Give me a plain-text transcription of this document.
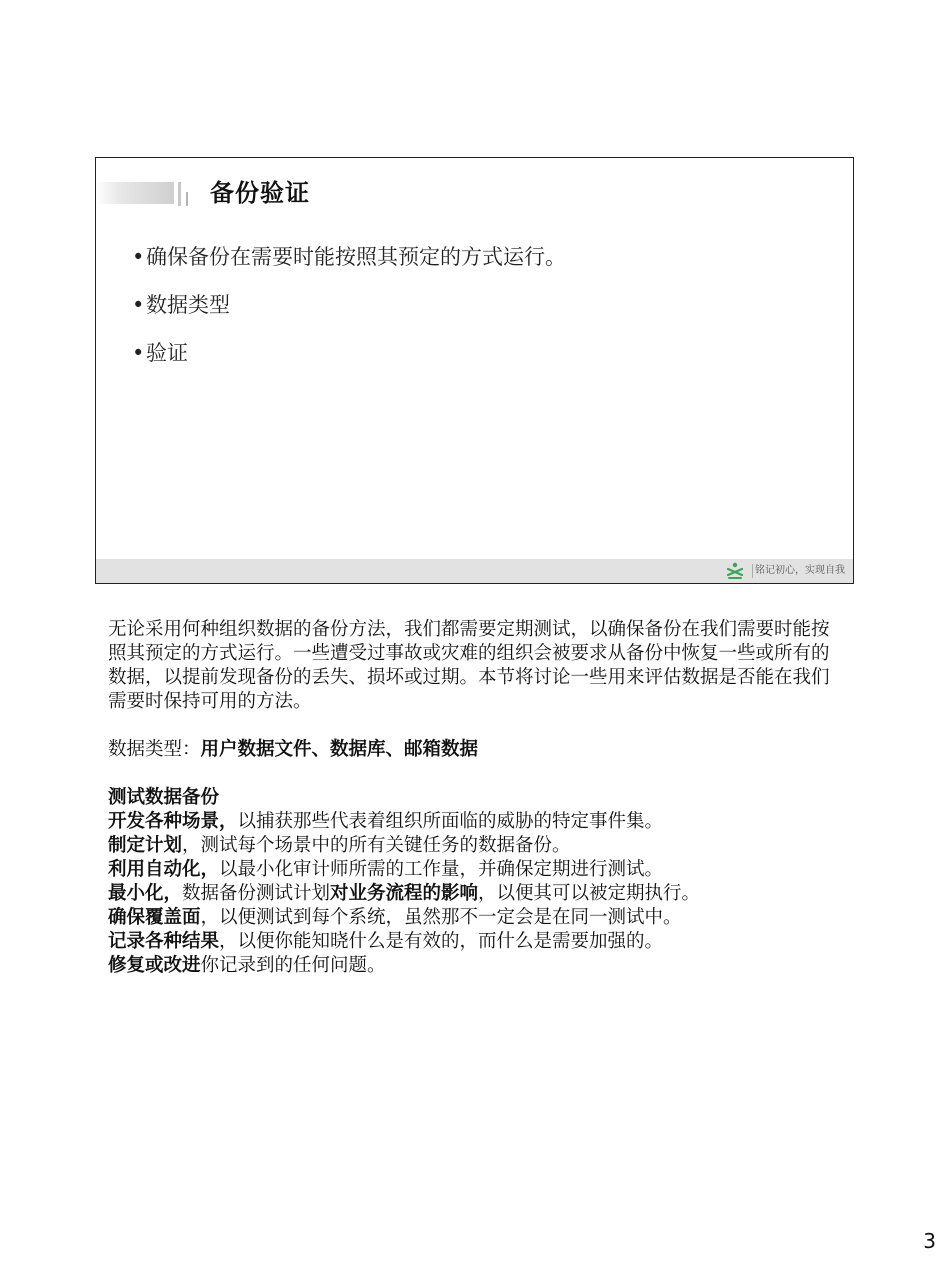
备份验证
•确保备份在需要时能按照其预定的方式运行。
•数据类型
•验证
铭记初心，实现自我

无论采用何种组织数据的备份方法，我们都需要定期测试，以确保备份在我们需要时能按照其预定的方式运行。一些遭受过事故或灾难的组织会被要求从备份中恢复一些或所有的数据，以提前发现备份的丢失、损坏或过期。本节将讨论一些用来评估数据是否能在我们需要时保持可用的方法。

数据类型：用户数据文件、数据库、邮箱数据

测试数据备份

开发各种场景，以捕获那些代表着组织所面临的威胁的特定事件集。

制定计划，测试每个场景中的所有关键任务的数据备份。

利用自动化，以最小化审计师所需的工作量，并确保定期进行测试。

最小化，数据备份测试计划对业务流程的影响，以便其可以被定期执行。

确保覆盖面，以便测试到每个系统，虽然那不一定会是在同一测试中。

记录各种结果，以便你能知晓什么是有效的，而什么是需要加强的。

修复或改进你记录到的任何问题。

3
